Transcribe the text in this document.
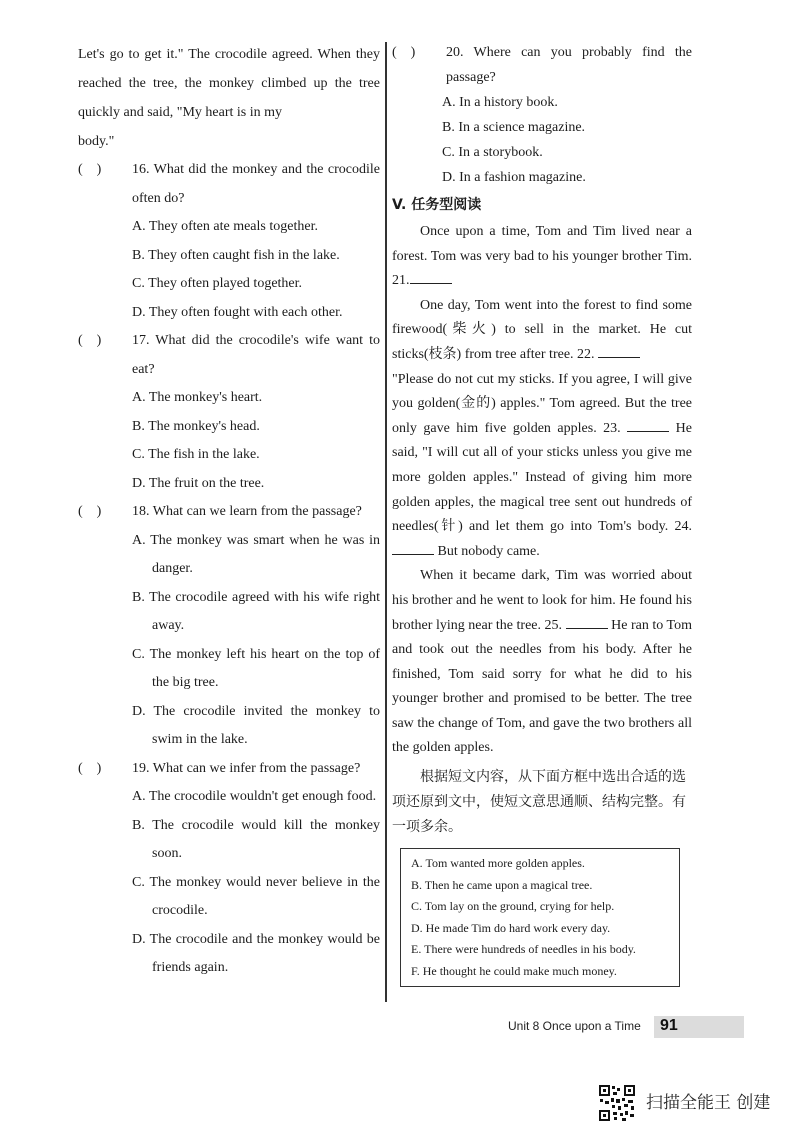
Let's go to get it." The crocodile agreed. When they reached the tree, the monkey climbed up the tree quickly and said, "My heart is in my
body."

(    )	16. What did the monkey and the crocodile often do?
A. They often ate meals together.
B. They often caught fish in the lake.
C. They often played together.
D. They often fought with each other.
(    )	17. What did the crocodile's wife want to eat?
A. The monkey's heart.
B. The monkey's head.
C. The fish in the lake.
D. The fruit on the tree.
(    )	18. What can we learn from the passage?
A. The monkey was smart when he was in danger.
B. The crocodile agreed with his wife right away.
C. The monkey left his heart on the top of the big tree.
D. The crocodile invited the monkey to swim in the lake.
(    )	19. What can we infer from the passage?
A. The crocodile wouldn't get enough food.
B. The crocodile would kill the monkey soon.
C. The monkey would never believe in the crocodile.
D. The crocodile and the monkey would be friends again.
(    )	20. Where can you probably find the passage?
A. In a history book.
B. In a science magazine.
C. In a storybook.
D. In a fashion magazine.

V. 任务型阅读

Once upon a time, Tom and Tim lived near a forest. Tom was very bad to his younger brother Tim. 21.

One day, Tom went into the forest to find some firewood(柴火) to sell in the market. He cut sticks(枝条) from tree after tree. 22.

"Please do not cut my sticks. If you agree, I will give you golden(金的) apples." Tom agreed. But the tree only gave him five golden apples. 23.	He said, "I will cut all of your sticks unless you give me more golden apples." Instead of giving him more golden apples, the magical tree sent out hundreds of needles(针) and let them go into Tom's body. 24.  But nobody came.

When it became dark, Tim was worried about his brother and he went to look for him. He found his brother lying near the tree. 25.	He ran to Tom and took out the needles from his body. After he finished, Tom said sorry for what he did to his younger brother and promised to be better. The tree saw the change of Tom, and gave the two brothers all the golden apples.

根据短文内容，从下面方框中选出合适的选项还原到文中，使短文意思通顺、结构完整。有一项多余。

A. Tom wanted more golden apples.

B. Then he came upon a magical tree.

C. Tom lay on the ground, crying for help.

D. He made Tim do hard work every day.

E. There were hundreds of needles in his body.

F. He thought he could make much money.

Unit 8 Once upon a Time 91
扫描全能王 创建
